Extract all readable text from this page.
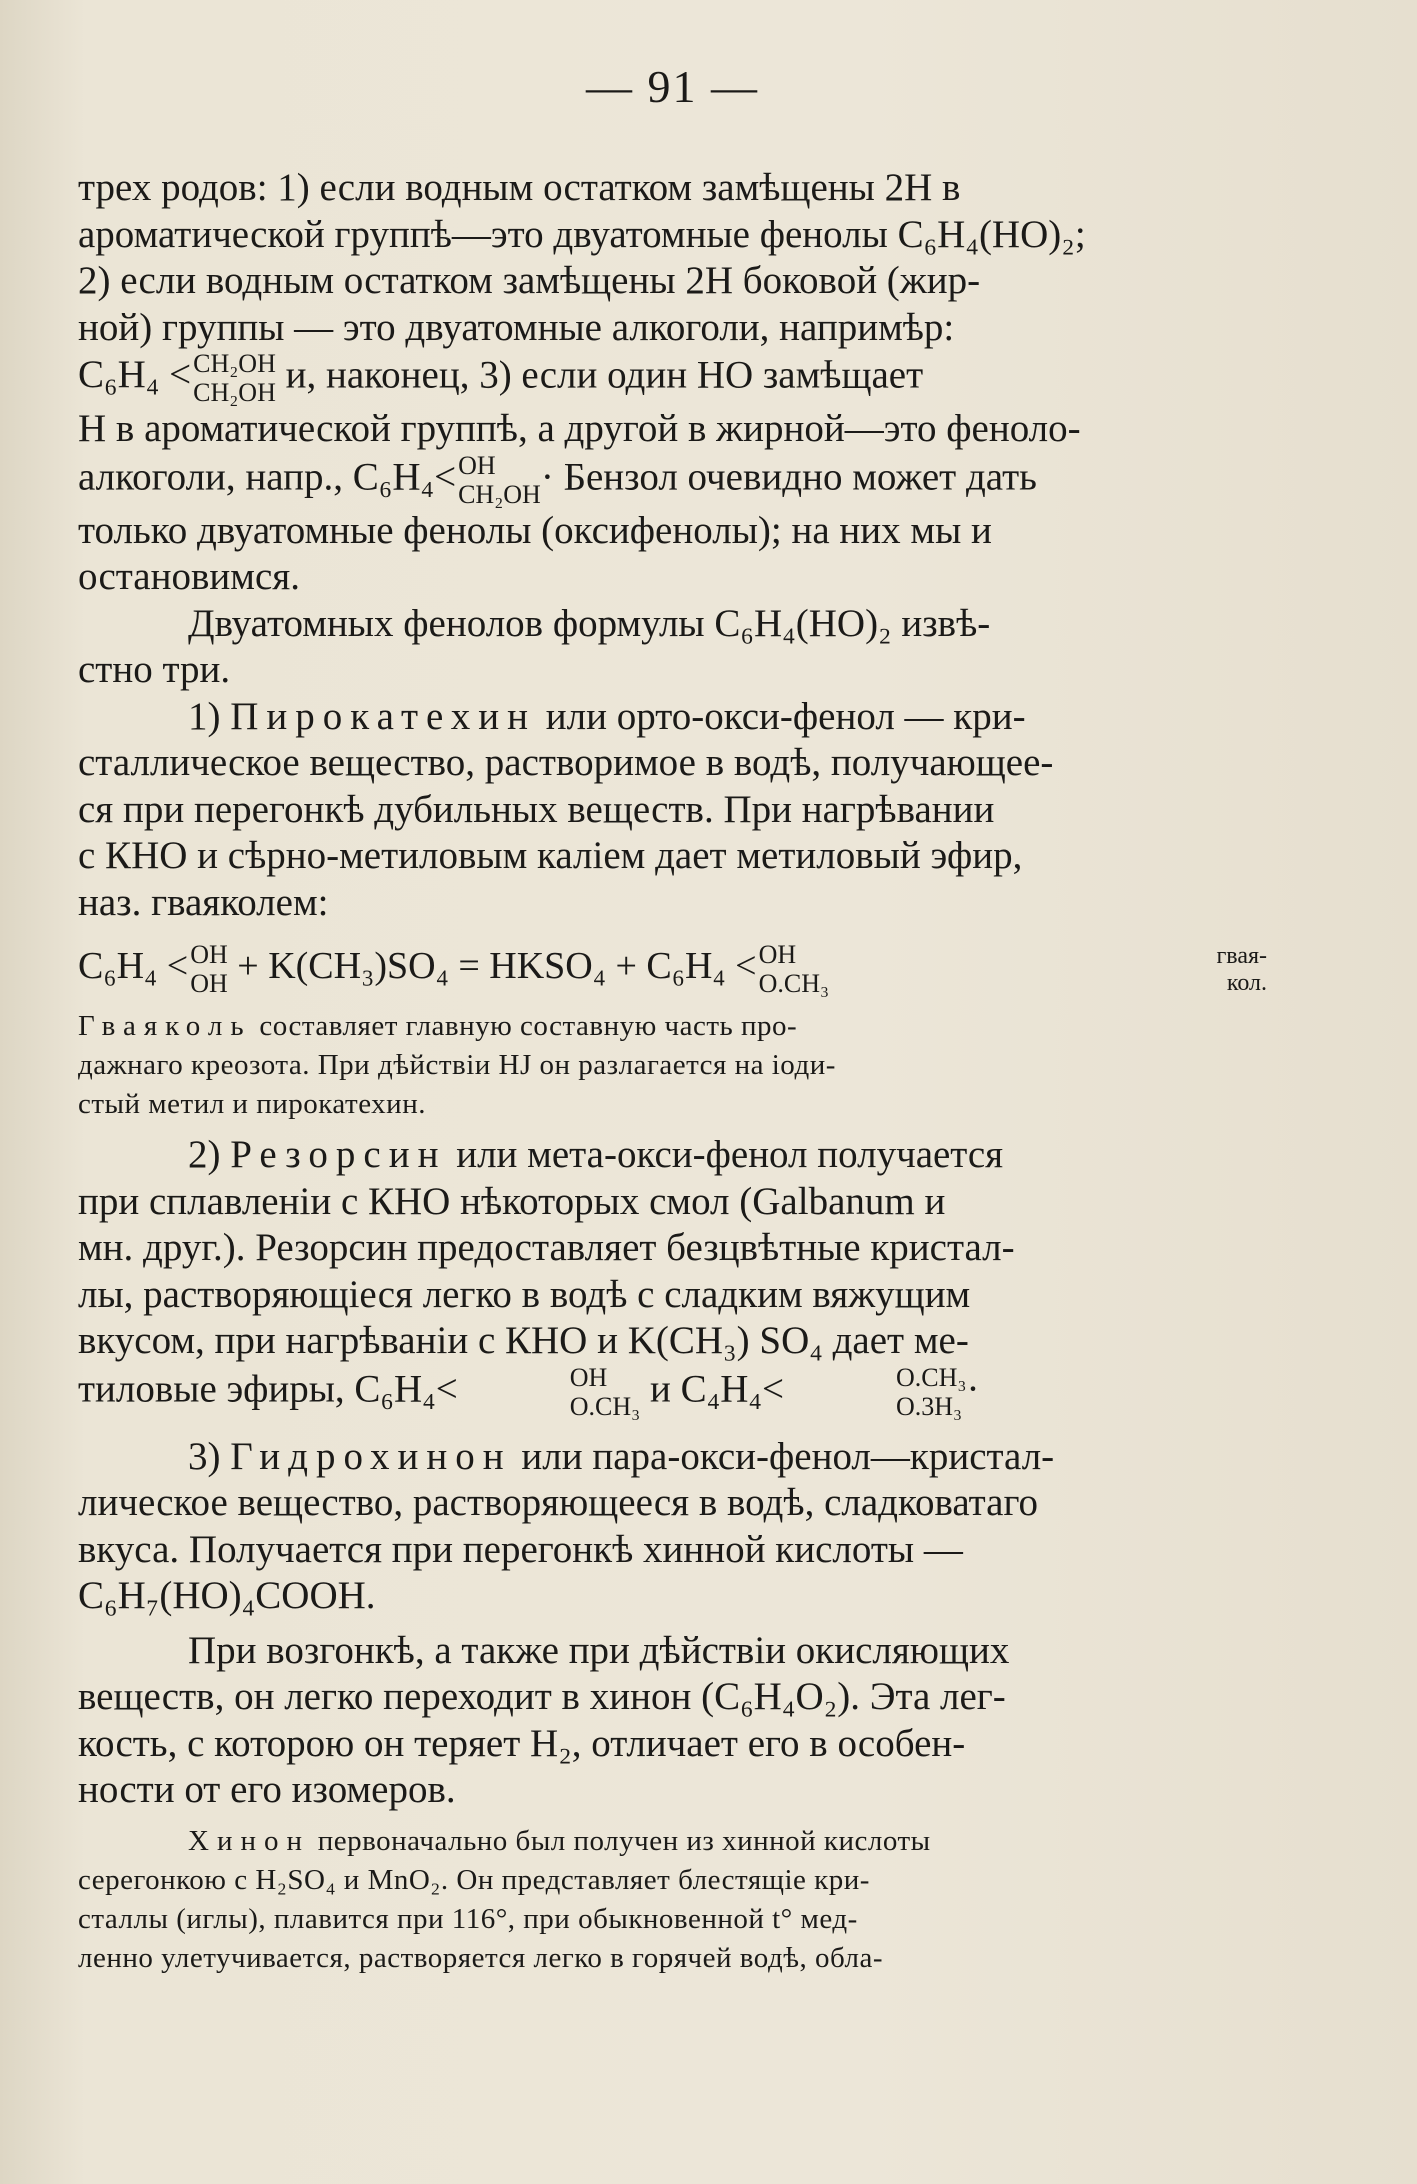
— 91 —

трех родов: 1) если водным остатком замѣщены 2Н в
ароматической группѣ—это двуатомные фенолы C₆H₄(HO)₂;
2) если водным остатком замѣщены 2Н боковой (жир-
ной) группы — это двуатомные алкоголи, напримѣр:
C₆H₄ < CH₂OH
CH₂OH и, наконец, 3) если один НО замѣщает
Н в ароматической группѣ, а другой в жирной—это феноло-
алкоголи, напр., C₆H₄< OH
CH₂OH · Бензол очевидно может дать
только двуатомные фенолы (оксифенолы); на них мы и
остановимся.

Двуатомных фенолов формулы C₆H₄(HO)₂ извѣ-
стно три.

1) Пирокатехин или орто-окси-фенол — кри-
сталлическое вещество, растворимое в водѣ, получающее-
ся при перегонкѣ дубильных веществ. При нагрѣвании
с КНО и сѣрно-метиловым каліем дает метиловый эфир,
наз. гваяколем:

C₆H₄ < OH
OH + K(CH₃)SO₄ = HKSO₄ + C₆H₄ < OH
O.CH₃
гвая-
кол.

Гваяколь составляет главную составную часть про-
дажнаго креозота. При дѣйствіи HJ он разлагается на іоди-
стый метил и пирокатехин.

2) Резорсин или мета-окси-фенол получается
при сплавленіи с КНО нѣкоторых смол (Galbanum и
мн. друг.). Резорсин предоставляет безцвѣтные кристал-
лы, растворяющіеся легко в водѣ с сладким вяжущим
вкусом, при нагрѣваніи с КНО и K(CH₃) SO₄ дает ме-
тиловые эфиры, C₆H₄<	OH
O.CH₃ и C₄H₄<	O.CH₃
O.3H₃ ·

3) Гидрохинон или пара-окси-фенол—кристал-
лическое вещество, растворяющееся в водѣ, сладковатаго
вкуса. Получается при перегонкѣ хинной кислоты —
C₆H₇(HO)₄COOH.

При возгонкѣ, а также при дѣйствіи окисляющих
веществ, он легко переходит в хинон (C₆H₄O₂). Эта лег-
кость, с которою он теряет H₂, отличает его в особен-
ности от его изомеров.

Хинон первоначально был получен из хинной кислоты
серегонкою с H₂SO₄ и MnO₂. Он представляет блестящіе кри-
сталлы (иглы), плавится при 116°, при обыкновенной t° мед-
ленно улетучивается, растворяется легко в горячей водѣ, обла-
